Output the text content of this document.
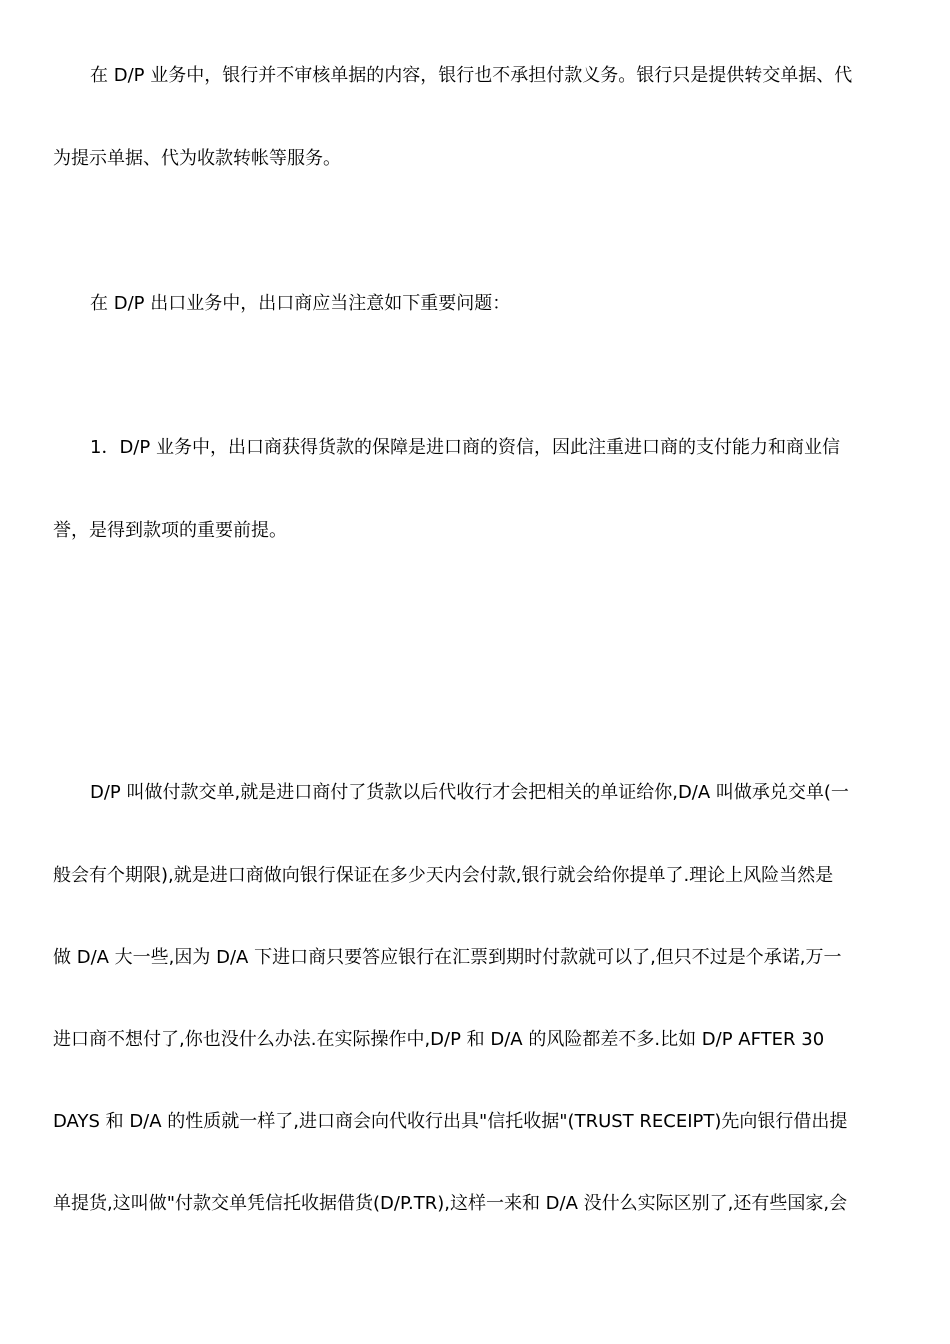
在 D/P 业务中，银行并不审核单据的内容，银行也不承担付款义务。银行只是提供转交单据、代
为提示单据、代为收款转帐等服务。
在 D/P 出口业务中，出口商应当注意如下重要问题：
1．D/P 业务中，出口商获得货款的保障是进口商的资信，因此注重进口商的支付能力和商业信
誉，是得到款项的重要前提。
D/P 叫做付款交单,就是进口商付了货款以后代收行才会把相关的单证给你,D/A 叫做承兑交单(一
般会有个期限),就是进口商做向银行保证在多少天内会付款,银行就会给你提单了.理论上风险当然是
做 D/A 大一些,因为 D/A 下进口商只要答应银行在汇票到期时付款就可以了,但只不过是个承诺,万一
进口商不想付了,你也没什么办法.在实际操作中,D/P 和 D/A 的风险都差不多.比如 D/P AFTER 30
DAYS 和 D/A 的性质就一样了,进口商会向代收行出具"信托收据"(TRUST RECEIPT)先向银行借出提
单提货,这叫做"付款交单凭信托收据借货(D/P.TR),这样一来和 D/A 没什么实际区别了,还有些国家,会
